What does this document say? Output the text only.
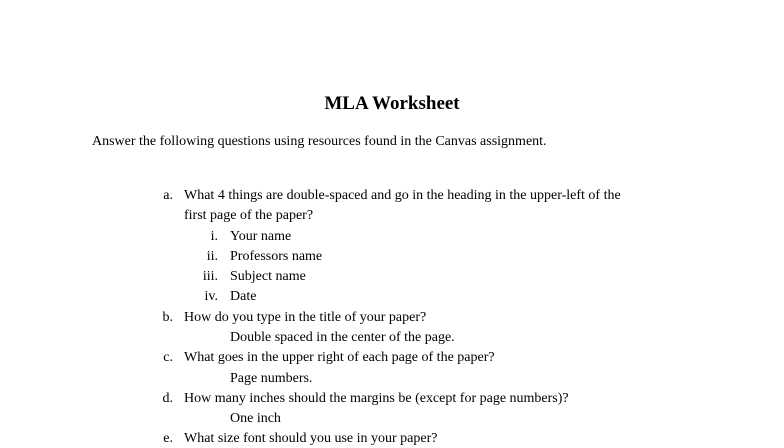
MLA Worksheet
Answer the following questions using resources found in the Canvas assignment.
a. What 4 things are double-spaced and go in the heading in the upper-left of the
first page of the paper?
i. Your name
ii. Professors name
iii. Subject name
iv. Date
b. How do you type in the title of your paper?
Double spaced in the center of the page.
c. What goes in the upper right of each page of the paper?
Page numbers.
d. How many inches should the margins be (except for page numbers)?
One inch
e. What size font should you use in your paper?
